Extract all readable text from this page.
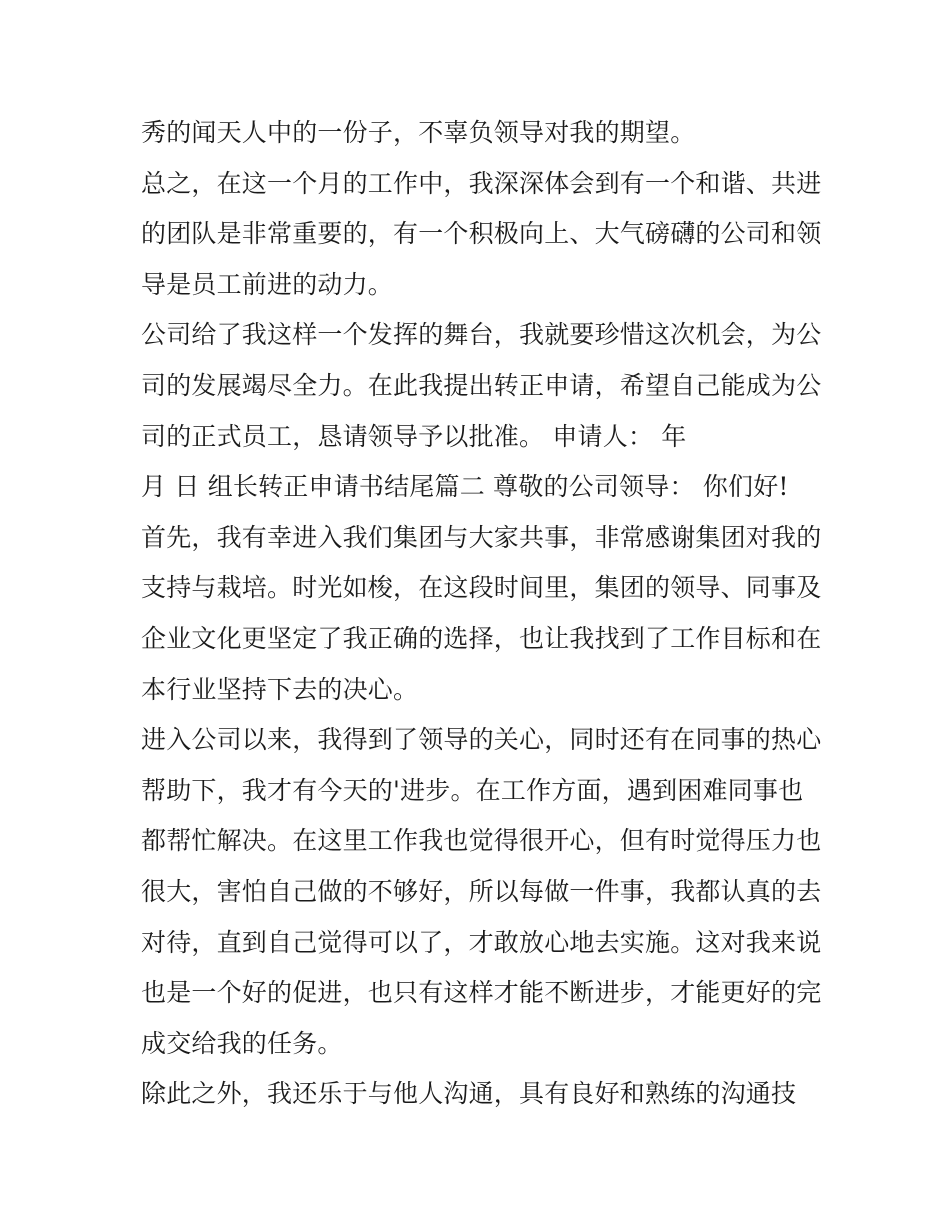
秀的闻天人中的一份子，不辜负领导对我的期望。
总之，在这一个月的工作中，我深深体会到有一个和谐、共进
的团队是非常重要的，有一个积极向上、大气磅礴的公司和领
导是员工前进的动力。
公司给了我这样一个发挥的舞台，我就要珍惜这次机会，为公
司的发展竭尽全力。在此我提出转正申请，希望自己能成为公
司的正式员工，恳请领导予以批准。 申请人： 年
月 日 组长转正申请书结尾篇二 尊敬的公司领导： 你们好!
首先，我有幸进入我们集团与大家共事，非常感谢集团对我的
支持与栽培。时光如梭，在这段时间里，集团的领导、同事及
企业文化更坚定了我正确的选择，也让我找到了工作目标和在
本行业坚持下去的决心。
进入公司以来，我得到了领导的关心，同时还有在同事的热心
帮助下，我才有今天的'进步。在工作方面，遇到困难同事也
都帮忙解决。在这里工作我也觉得很开心，但有时觉得压力也
很大，害怕自己做的不够好，所以每做一件事，我都认真的去
对待，直到自己觉得可以了，才敢放心地去实施。这对我来说
也是一个好的促进，也只有这样才能不断进步，才能更好的完
成交给我的任务。
除此之外，我还乐于与他人沟通，具有良好和熟练的沟通技
